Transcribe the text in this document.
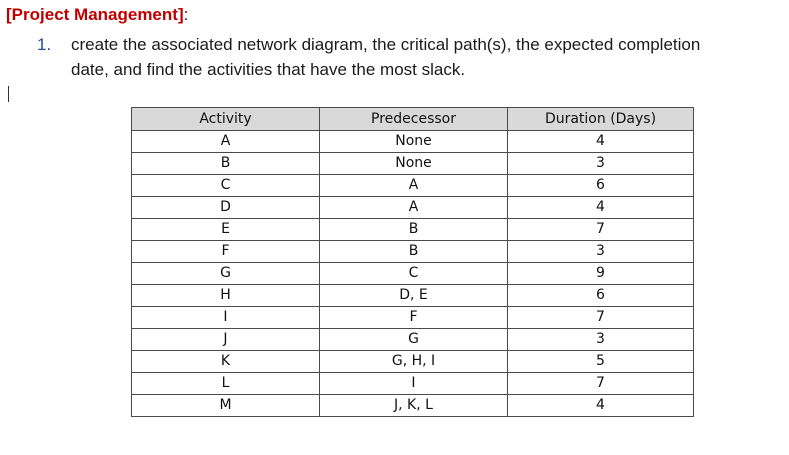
[Project Management]:
1. create the associated network diagram, the critical path(s), the expected completion
date, and find the activities that have the most slack.
Activity	Predecessor	Duration (Days)
A	None	4
B	None	3
C	A	6
D	A	4
E	B	7
F	B	3
G	C	9
H	D, E	6
I	F	7
J	G	3
K	G, H, I	5
L	I	7
M	J, K, L	4
